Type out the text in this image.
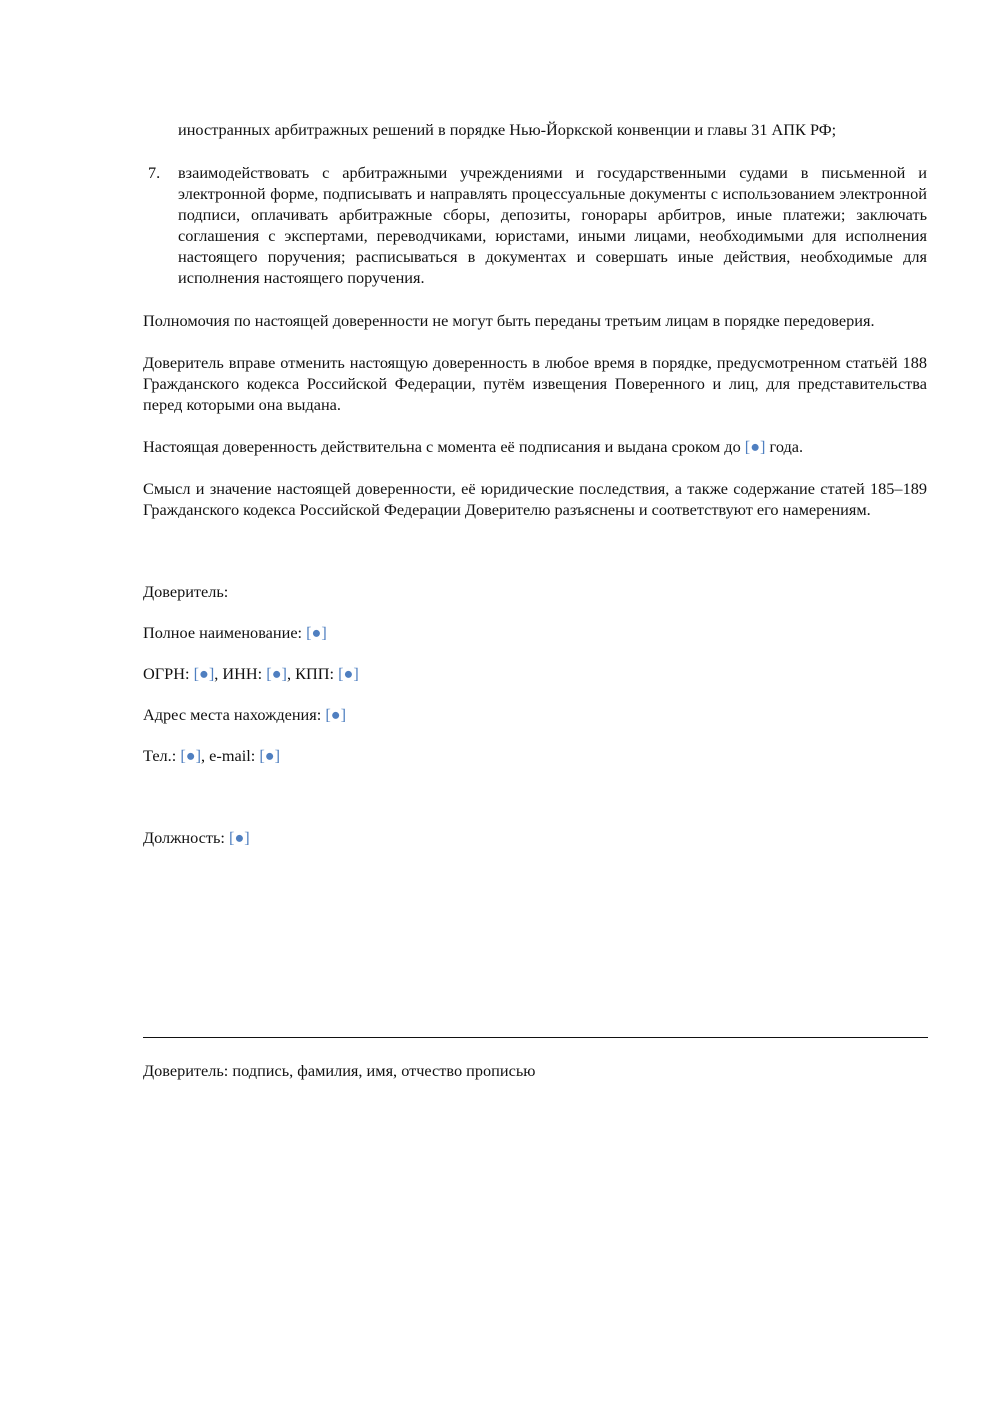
иностранных арбитражных решений в порядке Нью-Йоркской конвенции и главы 31 АПК РФ;
7. взаимодействовать с арбитражными учреждениями и государственными судами в письменной и электронной форме, подписывать и направлять процессуальные документы с использованием электронной подписи, оплачивать арбитражные сборы, депозиты, гонорары арбитров, иные платежи; заключать соглашения с экспертами, переводчиками, юристами, иными лицами, необходимыми для исполнения настоящего поручения; расписываться в документах и совершать иные действия, необходимые для исполнения настоящего поручения.
Полномочия по настоящей доверенности не могут быть переданы третьим лицам в порядке передоверия.
Доверитель вправе отменить настоящую доверенность в любое время в порядке, предусмотренном статьёй 188 Гражданского кодекса Российской Федерации, путём извещения Поверенного и лиц, для представительства перед которыми она выдана.
Настоящая доверенность действительна с момента её подписания и выдана сроком до [●] года.
Смысл и значение настоящей доверенности, её юридические последствия, а также содержание статей 185–189 Гражданского кодекса Российской Федерации Доверителю разъяснены и соответствуют его намерениям.
Доверитель:
Полное наименование: [●]
ОГРН: [●], ИНН: [●], КПП: [●]
Адрес места нахождения: [●]
Тел.: [●], e-mail: [●]
Должность: [●]
Доверитель: подпись, фамилия, имя, отчество прописью
